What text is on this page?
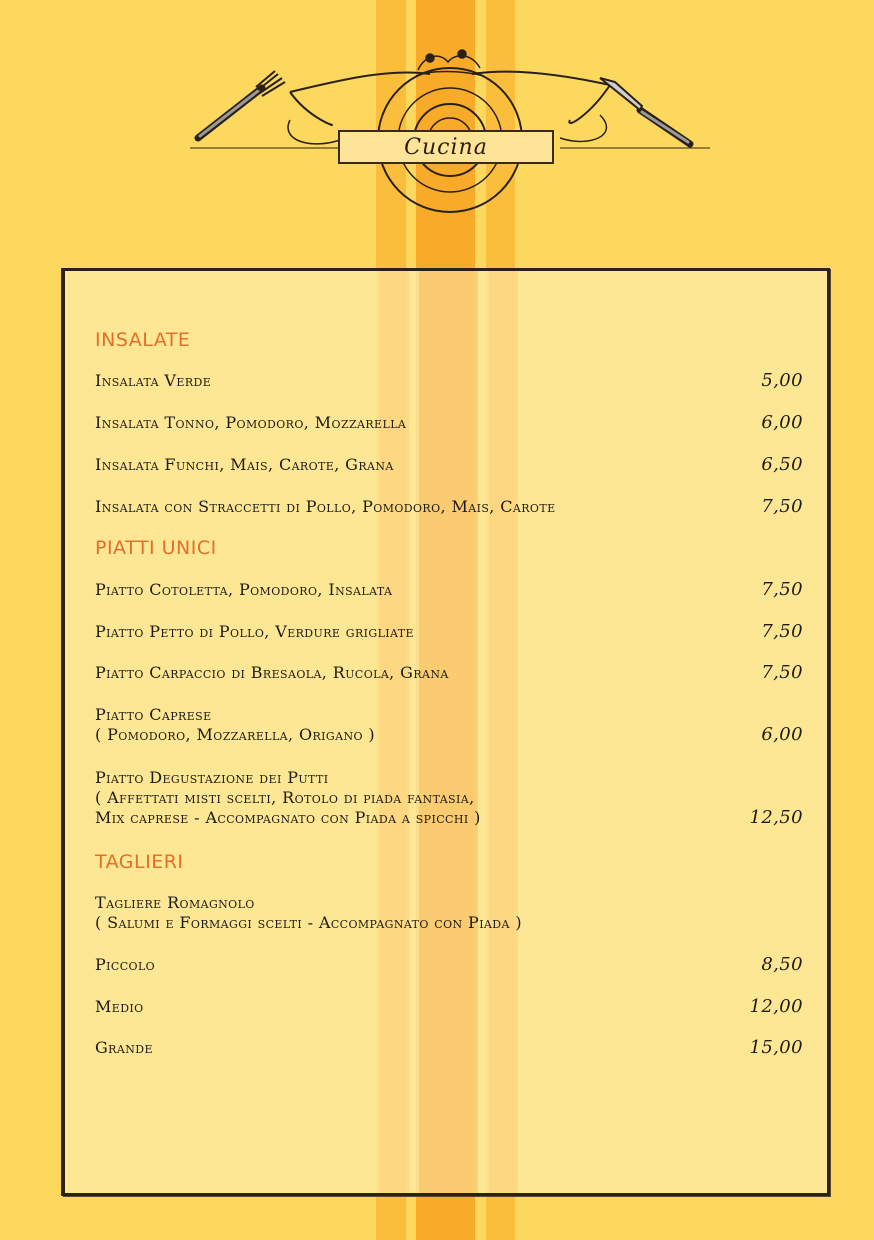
Cucina
INSALATE
Insalata Verde	5,00
Insalata Tonno, Pomodoro, Mozzarella	6,00
Insalata Funchi, Mais, Carote, Grana	6,50
Insalata con Straccetti di Pollo, Pomodoro, Mais, Carote	7,50
PIATTI UNICI
Piatto Cotoletta, Pomodoro, Insalata	7,50
Piatto Petto di Pollo, Verdure grigliate	7,50
Piatto Carpaccio di Bresaola, Rucola, Grana	7,50
Piatto Caprese
( Pomodoro, Mozzarella, Origano )	6,00
Piatto Degustazione dei Putti
( Affettati misti scelti, Rotolo di piada fantasia,
Mix caprese - Accompagnato con Piada a spicchi )	12,50
TAGLIERI
Tagliere Romagnolo
( Salumi e Formaggi scelti - Accompagnato con Piada )
Piccolo	8,50
Medio	12,00
Grande	15,00
